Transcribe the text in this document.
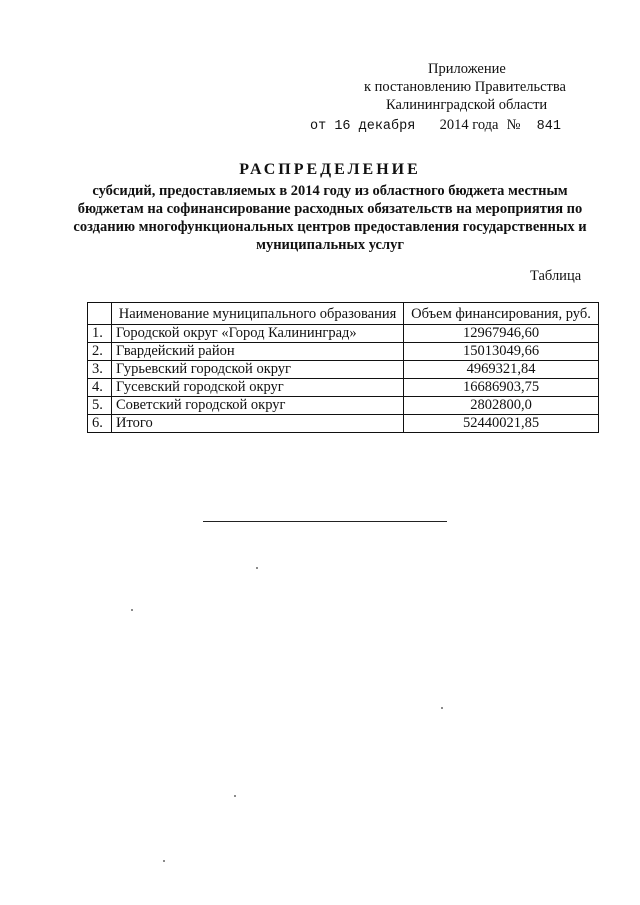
Приложение
к постановлению Правительства
Калининградской области
от 16 декабря 2014 года № 841
РАСПРЕДЕЛЕНИЕ
субсидий, предоставляемых в 2014 году из областного бюджета местным бюджетам на софинансирование расходных обязательств на мероприятия по созданию многофункциональных центров предоставления государственных и муниципальных услуг
Таблица
	Наименование муниципального образования	Объем финансирования, руб.
1.	Городской округ «Город Калининград»	12967946,60
2.	Гвардейский район	15013049,66
3.	Гурьевский городской округ	4969321,84
4.	Гусевский городской округ	16686903,75
5.	Советский городской округ	2802800,0
6.	Итого	52440021,85
